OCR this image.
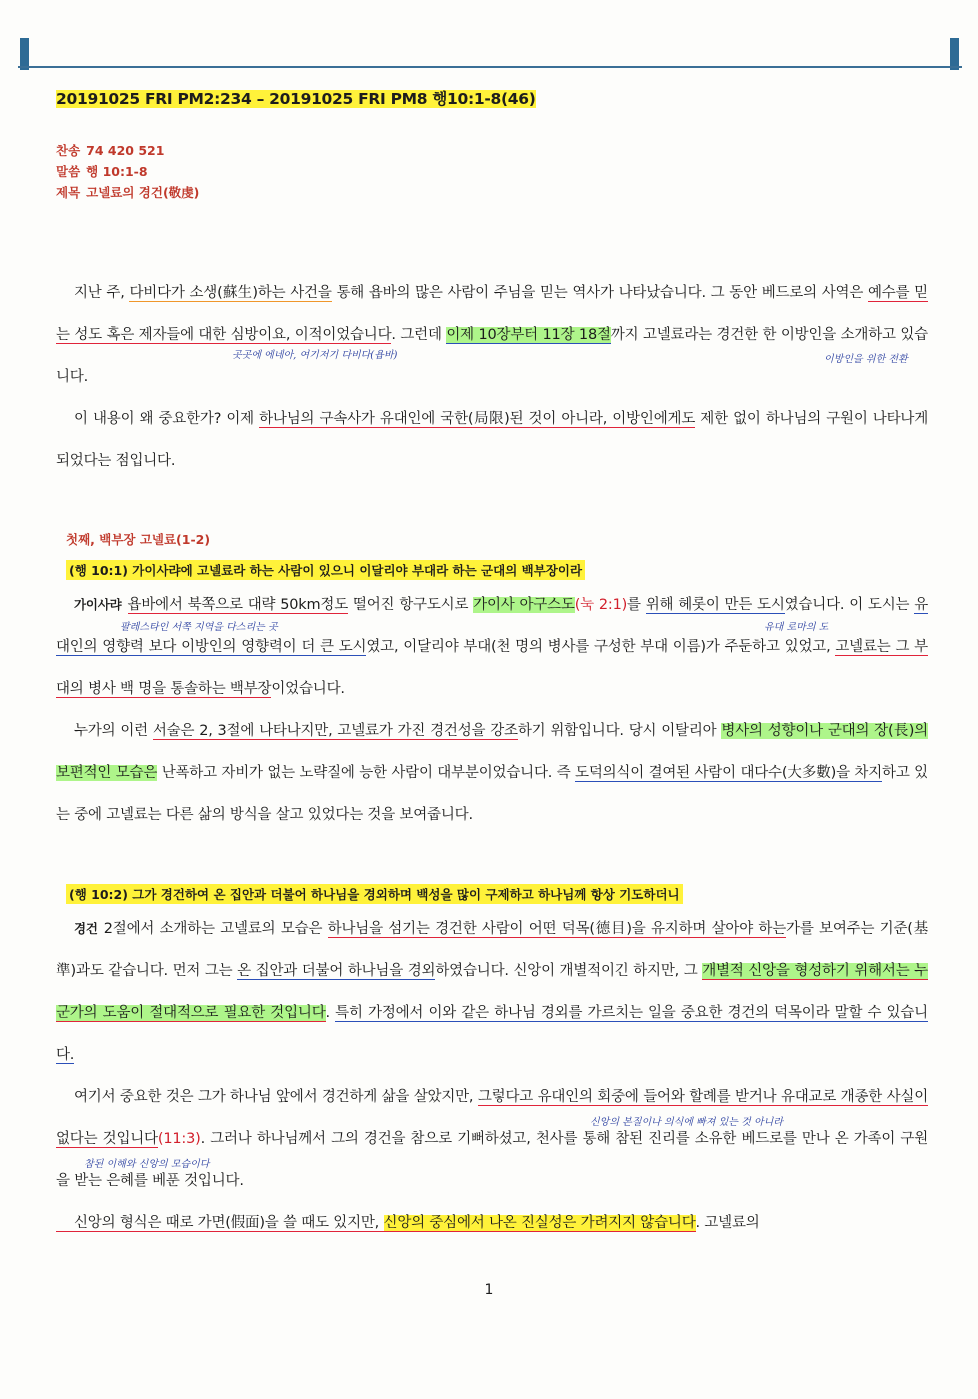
20191025 FRI PM2:234 – 20191025 FRI PM8 행10:1-8(46)
찬송 74 420 521
말씀 행 10:1-8
제목 고넬료의 경건(敬虔)
지난 주, 다비다가 소생(蘇生)하는 사건을 통해 욥바의 많은 사람이 주님을 믿는 역사가 나타났습니다. 그 동안 베드로의 사역은 예수를 믿는 성도 혹은 제자들에 대한 심방이요, 이적이었습니다. 그런데 이제 10장부터 11장 18절까지 고넬료라는 경건한 한 이방인을 소개하고 있습니다.
이 내용이 왜 중요한가? 이제 하나님의 구속사가 유대인에 국한(局限)된 것이 아니라, 이방인에게도 제한 없이 하나님의 구원이 나타나게 되었다는 점입니다.
첫째, 백부장 고넬료(1-2)
(행 10:1) 가이사랴에 고넬료라 하는 사람이 있으니 이달리야 부대라 하는 군대의 백부장이라
가이사랴 욥바에서 북쪽으로 대략 50km정도 떨어진 항구도시로 가이사 아구스도(눅 2:1)를 위해 헤롯이 만든 도시였습니다. 이 도시는 유대인의 영향력 보다 이방인의 영향력이 더 큰 도시였고, 이달리야 부대(천 명의 병사를 구성한 부대 이름)가 주둔하고 있었고, 고넬료는 그 부대의 병사 백 명을 통솔하는 백부장이었습니다.
누가의 이런 서술은 2, 3절에 나타나지만, 고넬료가 가진 경건성을 강조하기 위함입니다. 당시 이탈리아 병사의 성향이나 군대의 장(長)의 보편적인 모습은 난폭하고 자비가 없는 노략질에 능한 사람이 대부분이었습니다. 즉 도덕의식이 결여된 사람이 대다수(大多數)을 차지하고 있는 중에 고넬료는 다른 삶의 방식을 살고 있었다는 것을 보여줍니다.
(행 10:2) 그가 경건하여 온 집안과 더불어 하나님을 경외하며 백성을 많이 구제하고 하나님께 항상 기도하더니
경건 2절에서 소개하는 고넬료의 모습은 하나님을 섬기는 경건한 사람이 어떤 덕목(德目)을 유지하며 살아야 하는가를 보여주는 기준(基準)과도 같습니다. 먼저 그는 온 집안과 더불어 하나님을 경외하였습니다. 신앙이 개별적이긴 하지만, 그 개별적 신앙을 형성하기 위해서는 누군가의 도움이 절대적으로 필요한 것입니다. 특히 가정에서 이와 같은 하나님 경외를 가르치는 일을 중요한 경건의 덕목이라 말할 수 있습니다.
여기서 중요한 것은 그가 하나님 앞에서 경건하게 삶을 살았지만, 그렇다고 유대인의 회중에 들어와 할례를 받거나 유대교로 개종한 사실이 없다는 것입니다(11:3). 그러나 하나님께서 그의 경건을 참으로 기뻐하셨고, 천사를 통해 참된 진리를 소유한 베드로를 만나 온 가족이 구원을 받는 은혜를 베푼 것입니다.
신앙의 형식은 때로 가면(假面)을 쓸 때도 있지만, 신앙의 중심에서 나온 진실성은 가려지지 않습니다. 고넬료의
곳곳에 에네아, 여기저기 다비다(욥바)	이방인을 위한 전환
팔레스타인 서쪽 지역을 다스리는 곳	유대 로마의 도
신앙의 본질이나 의식에 빠져 있는 것 아니라
참된 이해와 신앙의 모습이다
1
